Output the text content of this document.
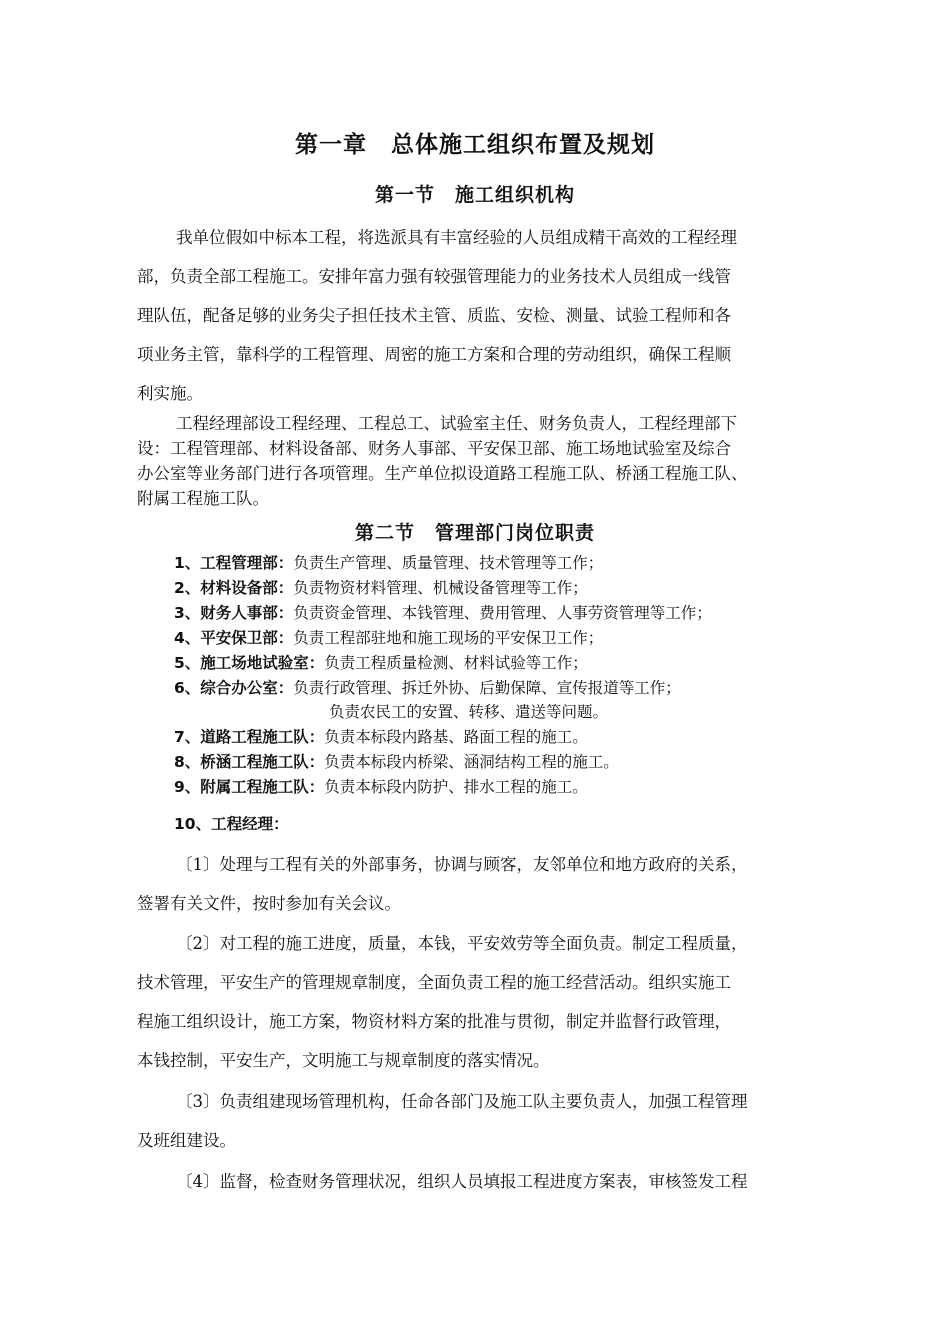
第一章　总体施工组织布置及规划
第一节　施工组织机构
我单位假如中标本工程，将选派具有丰富经验的人员组成精干高效的工程经理
部，负责全部工程施工。安排年富力强有较强管理能力的业务技术人员组成一线管
理队伍，配备足够的业务尖子担任技术主管、质监、安检、测量、试验工程师和各
项业务主管，靠科学的工程管理、周密的施工方案和合理的劳动组织，确保工程顺
利实施。
工程经理部设工程经理、工程总工、试验室主任、财务负责人，工程经理部下
设：工程管理部、材料设备部、财务人事部、平安保卫部、施工场地试验室及综合
办公室等业务部门进行各项管理。生产单位拟设道路工程施工队、桥涵工程施工队、
附属工程施工队。
第二节　管理部门岗位职责
1、工程管理部：负责生产管理、质量管理、技术管理等工作；
2、材料设备部：负责物资材料管理、机械设备管理等工作；
3、财务人事部：负责资金管理、本钱管理、费用管理、人事劳资管理等工作；
4、平安保卫部：负责工程部驻地和施工现场的平安保卫工作；
5、施工场地试验室：负责工程质量检测、材料试验等工作；
6、综合办公室：负责行政管理、拆迁外协、后勤保障、宣传报道等工作；
负责农民工的安置、转移、遣送等问题。
7、道路工程施工队：负责本标段内路基、路面工程的施工。
8、桥涵工程施工队：负责本标段内桥梁、涵洞结构工程的施工。
9、附属工程施工队：负责本标段内防护、排水工程的施工。
10、工程经理：
〔1〕处理与工程有关的外部事务，协调与顾客，友邻单位和地方政府的关系，
签署有关文件，按时参加有关会议。
〔2〕对工程的施工进度，质量，本钱，平安效劳等全面负责。制定工程质量，
技术管理，平安生产的管理规章制度，全面负责工程的施工经营活动。组织实施工
程施工组织设计，施工方案，物资材料方案的批准与贯彻，制定并监督行政管理，
本钱控制，平安生产，文明施工与规章制度的落实情况。
〔3〕负责组建现场管理机构，任命各部门及施工队主要负责人，加强工程管理
及班组建设。
〔4〕监督，检查财务管理状况，组织人员填报工程进度方案表，审核签发工程
